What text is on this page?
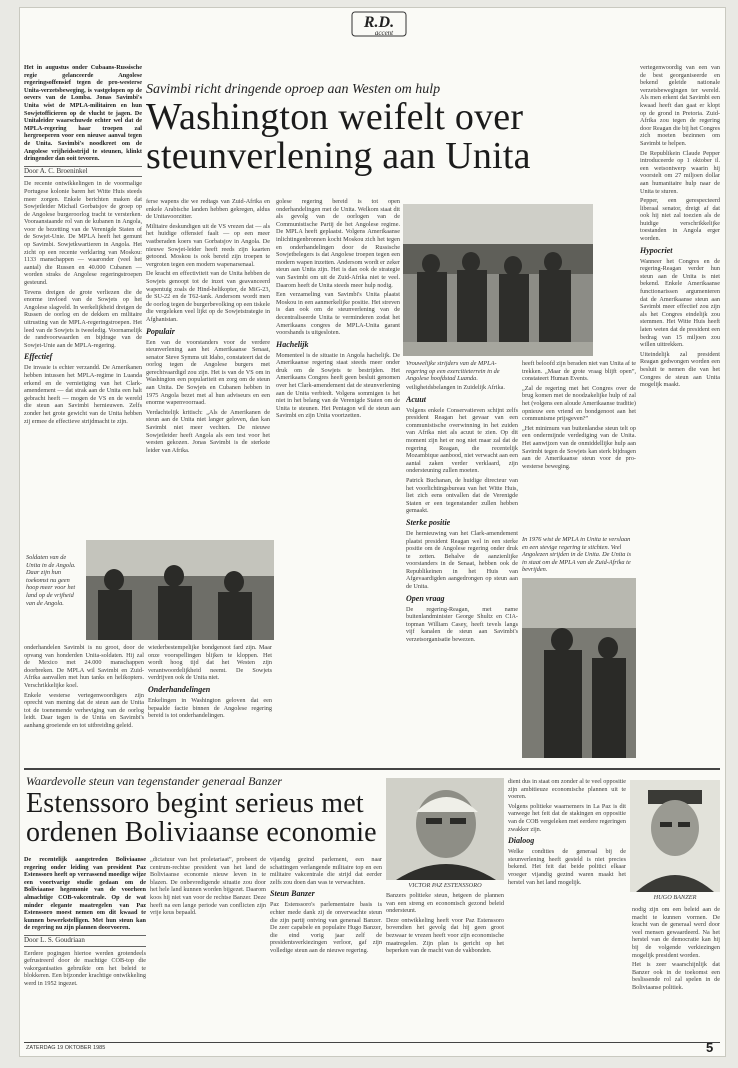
R.D.
accent

Het in augustus onder Cubaans-Russische regie gelanceerde Angolese regeringsoffensief tegen de pro-westerse Unita-verzetsbeweging, is vastgelopen op de oevers van de Lomba. Jonas Savimbi's Unita wist de MPLA-militairen en hun Sowjetofficieren op de vlucht te jagen. De Unitaleider waarschuwde echter wel dat de MPLA-regering haar troepen zal hergroeperen voor een nieuwe aanval tegen de Unita. Savimbi's noodkreet om de Angolese vrijheidsstrijd te steunen, klinkt dringender dan ooit tevoren.

Door A. C. Broeninkel

De recente ontwikkelingen in de voormalige Portugese kolonie baren het Witte Huis steeds meer zorgen. Enkele berichten maken dat Sowjetleider Michail Gorbatsjov de groep op de Angolese burgeroorlog tracht te versterken. Vooraanstaande rol van de kubanen in Angola, voor de bezetting van de Verenigde Staten of de Sowjet-Unie. De MPLA heeft het gemunt op Savimbi. Sowjetkwartieren in Angola. Het zicht op een recente verklaring van Moskou: 1133 manschappen — waaronder (veel het aantal) die Russen en 40.000 Cubanen — worden straks de Angolese regeringstroepen gesteund.

Tevens dreigen de grote verliezen die de enorme invloed van de Sowjets op het Angolese slagveld. In werkelijkheid dreigen de Russen de oorlog en de dekken en militaire uitrusting van de MPLA-regeringstroepen. Het leed van de Sowjets is tweeledig. Voornamelijk de randvoorwaarden en bijdrage van de Sowjet-Unie aan de MPLA-regering.

Effectief

De invasie is echter verzandd. De Amerikanen hebben intussen het MPLA-regime in Luanda erkend en de vernietiging van het Clark-amendement — dat strak aan de Unita een halt gebracht heeft — mogen de VS en de wereld die steun aan Savimbi hernieuwen. Zelfs zonder het grote gewicht van de Unita hebben zij ermee de effectieve strijdmacht te zijn.

Savimbi richt dringende oproep aan Westen om hulp
Washington weifelt over
steunverlening aan Unita

ferse wapens die we redtags van Zuid-Afrika en enkele Arabische landen hebben gekregen, aldus de Unitavoorzitter.

Militaire deskundigen uit de VS vrezen dat — als het huidige offensief faalt — op een meer vastberaden koers van Gorbatsjov in Angola. De nieuwe Sowjet-leider heeft reeds zijn kaarten getoond. Moskou is ook bereid zijn troepen te vergroten tegen een modern wapenarsenaal.

De kracht en effectiviteit van de Unita hebben de Sowjets genoopt tot de inzet van geavanceerd wapentuig zoals de Hind-helikopter, de MiG-23, de SU-22 en de T62-tank. Andersom wordt men de oorlog tegen de burgerbevolking op een tiskele die vergeleken veel lijkt op de Sowjetstrategie in Afghanistan.

Populair

Een van de voorstanders voor de verdere steunverlening aan het Amerikaanse Senaat, senator Steve Symms uit Idaho, constateert dat de oorlog tegen de Angolese burgers met gerechtvaardigd zou zijn. Het is van de VS om in Washington een populariteit en zorg om de steun aan Unita. De Sowjets en Cubanen hebben in 1975 Angola bezet met al hun adviseurs en een enorme wapenvoorraad.

Verdachtelijk kritisch: „Als de Amerikanen de steun aan de Unita niet langer geloven, dan kan Savimbi niet meer vechten. De nieuwe Sowjetleider heeft Angola als een test voor het westen gekozen. Jonas Savimbi is de sterkste leider van Afrika.

golese regering bereid is tot open onderhandelingen met de Unita. Welkom staat dit als gevolg van de oorlogen van de Communistische Partij de het Angolese regime. De MPLA heeft geplaatst. Volgens Amerikaanse inlichtingenbronnen kocht Moskou zich het tegen en onderhandelingen door de Russische Sowjetbelegers is dat Angolese troepen tegen een modern wapen inzetten. Andersom wordt er zeker steun aan Unita zijn. Het is dan ook de strategie van Savimbi om uit de Zuid-Afrika niet te veel. Daarom heeft de Unita steeds meer hulp nodig.

Een verzameling van Savimbi's Unita plaatst Moskou in een aanmerkelijke positie. Het streven is dan ook om de steunverlening van de decentraliseerde Unita te verminderen zodat het Amerikaans congres de MPLA-Unita garant voorshands is uitgesloten.

Hachelijk

Momenteel is de situatie in Angola hachelijk. De Amerikaanse regering staat steeds meer onder druk om de Sowjets te bestrijden. Het Amerikaans Congres heeft geen besluit genomen over het Clark-amendement dat de steunverlening aan de Unita verbiedt. Volgens sommigen is het niet in het belang van de Verenigde Staten om de Unita te steunen. Het Pentagon wil de steun aan Savimbi en zijn Unita voortzetten.

Vrouwelijke strijders van de MPLA-regering op een exercitieterrein in de Angolese hoofdstad Luanda.

veiligheidsbelangen in Zuidelijk Afrika.

Acuut

Volgens enkele Conservatieven schijnt zelfs president Reagan het gevaar van een communistische overwinning in het zuiden van Afrika niet als acuut te zien. Op dit moment zijn het er nog niet maar zal dat de regering Reagan, die recentelijk Mozambique aanbood, niet verwacht aan een aantal zaken verder verklaard, zijn ondersteuning zullen moeten.

Patrick Buchanan, de huidige directeur van het voorlichtingsbureau van het Witte Huis, liet zich eens ontvallen dat de Verenigde Staten er een tegenstander zullen hebben gemaakt.

Sterke positie

De hernieuwing van het Clark-amendement plaatst president Reagan wel in een sterke positie om de Angolese regering onder druk te zetten. Behalve de aanzienlijke voorstanders in de Senaat, hebben ook de Republikeinen in het Huis van Afgevaardigden aangedrongen op steun aan de Unita.

Open vraag

De regering-Reagan, met name buitenlandminister George Shultz en CIA-topman William Casey, heeft tevels langs vijf kanalen de steun aan Savimbi's verzetsorganisatie bewezen.

heeft beloofd zijn beraden niet van Unita af te trekken. „Maar de grote vraag blijft open”, constateert Human Events.

„Zal de regering met het Congres over de brug komen met de noodzakelijke hulp of zal het (volgens een aloude Amerikaanse traditie) opnieuw een vriend en bondgenoot aan het communisme prijsgeven?”

„Het minimum van buitenlandse steun telt op een ondermijnde verdediging van de Unita. Het aanwijzen van de onmiddellijke hulp aan Savimbi tegen de Sowjets kan sterk bijdragen aan de Amerikaanse steun voor de pro-westerse beweging.

In 1976 wist de MPLA in Unita te verslaan en een stevige regering te stichten. Veel Angolezen strijden in de Unita. De Unita is in staat om de MPLA van de Zuid-Afrika te bevrijden.

vertegenwoordig van een van de best georganiseerde en bekend geleide nationale verzetsbewegingen ter wereld. Als men erkent dat Savimbi een kwaad heeft dan gaat er klopt op de grond in Pretoria. Zuid-Afrika zou tegen de regering door Reagan die bij het Congres zich moeten bezinnen om Savimbi te helpen.

De Republikein Claude Pepper introduceerde op 1 oktober il. een wetsontwerp waarin hij voorstelt om 27 miljoen dollar aan humanitaire hulp naar de Unita te sturen.

Pepper, een gerespecteerd liberaal senator, dreigt af dat ook hij niet zal toezien als de huidige verschrikkelijke toestanden in Angola erger worden.

Hypocriet

Wanneer het Congres en de regering-Reagan verder hun steun aan de Unita is niet bekend. Enkele Amerikaanse functionarissen argumenteren dat de Amerikaanse steun aan Savimbi meer effectief zou zijn als het Congres eindelijk zou stemmen. Het Witte Huis heeft laten weten dat de president een bedrag van 15 miljoen zou willen uittrekken.

Uiteindelijk zal president Reagan gedwongen worden een besluit te nemen die van het Congres de steun aan Unita mogelijk maakt.

Soldaten van de Unita in de Angola. Daar zijn hun toekomst nu geen hoop meer voor het land op de vrijheid van de Angola.

onderhandelen Savimbi is nu groot, door de opvang van honderden Unita-soldaten. Hij zal de Mexico met 24.000 manschappen doorbreken. De MPLA wil Savimbi en Zuid-Afrika aanvallen met hun tanks en helikopters. Verschrikkelijke koel.

Enkele westerse vertegenwoordigers zijn oprecht van mening dat de steun aan de Unita tot de toenemende verheviging van de oorlog leidt. Daar tegen is de Unita en Savimbi's aanhang groeiende en tot uitbreiding geleid.

wiederbestempelijke bondgenoot fard zijn. Maar onze voorspellingen blijken te kloppen. Het wordt hoog tijd dat het Westen zijn verantwoordelijkheid neemt. De Sowjets verdrijven ook de Unita niet.

Onderhandelingen

Enkelingen in Washington geloven dat een bepaalde factie binnen de Angolese regering bereid is tot onderhandelingen.

Waardevolle steun van tegenstander generaal Banzer
Estenssoro begint serieus met
ordenen Boliviaanse economie

De recentelijk aangetreden Boliviaanse regering onder leiding van president Paz Estenssoro heeft op verrassend moedige wijze een voortvarige studie gedaan om de Boliviaanse hegemonie van de voorheen almachtige COB-vakcentrale. Op de wat minder elegante maatregelen van Paz Estenssoro moest nemen om dit kwaad te kunnen bewerkstelligen. Met hun steun kan de regering nu zijn plannen doorvoeren.

Door L. S. Goudriaan

Eerdere pogingen hiertoe werden grotendeels gefrustreerd door de machtige COB-top die vakorganisaties gebruikte om het beleid te blokkeren. Een bijzonder krachtige ontwikkeling werd in 1952 ingezet.

„dictatuur van het proletariaat”, probeert de centrum-rechtse president van het land de Boliviaanse economie nieuw leven in te blazen. De onbevredigende situatie zou door het hele land kunnen worden bijgezet. Daarom koos hij niet van voor de rechtse Banzer. Deze heeft na een lange periode van conflicten zijn vrije keus bepaald.

vijandig gezind parlement, een naar schattingen verlangende militaire top en een militaire vakcentrale die strijd dat eerder zelfs zou doen dan was te verwachten.

Steun Banzer

Paz Estenssoro's parlementaire basis is echter mede dank zij de onverwachte steun die zijn partij ontving van generaal Banzer. De zeer capabele en populaire Hugo Banzer, die eind vorig jaar zelf de presidentsverkiezingen verloor, gaf zijn volledige steun aan de nieuwe regering.

VICTOR PAZ ESTENSSORO

Banzers politieke steun, hetgeen de plannen van een streng en economisch gezond beleid ondersteunt.

Deze ontwikkeling heeft voor Paz Estenssoro bovendien het gevolg dat hij geen groot bezwaar te vrezen heeft voor zijn economische maatregelen. Zijn plan is gericht op het beperken van de macht van de vakbonden.

dient dus in staat om zonder al te veel oppositie zijn ambitieuze economische plannen uit te voeren.

Volgens politieke waarnemers in La Paz is dit vanwege het feit dat de stakingen en oppositie van de COB vergeleken met eerdere regeringen zwakker zijn.

Dialoog

Welke condities de generaal bij de steunverlening heeft gesteld is niet precies bekend. Het feit dat beide politici elkaar vroeger vijandig gezind waren maakt het herstel van het land mogelijk.

HUGO BANZER

nodig zijn om een beleid aan de macht te kunnen vormen. De kracht van de generaal werd door veel mensen gewaardeerd. Na het herstel van de democratie kan hij bij de volgende verkiezingen mogelijk president worden.

Het is zeer waarschijnlijk dat Banzer ook in de toekomst een beslissende rol zal spelen in de Boliviaanse politiek.

ZATERDAG 19 OKTOBER 1985	5
